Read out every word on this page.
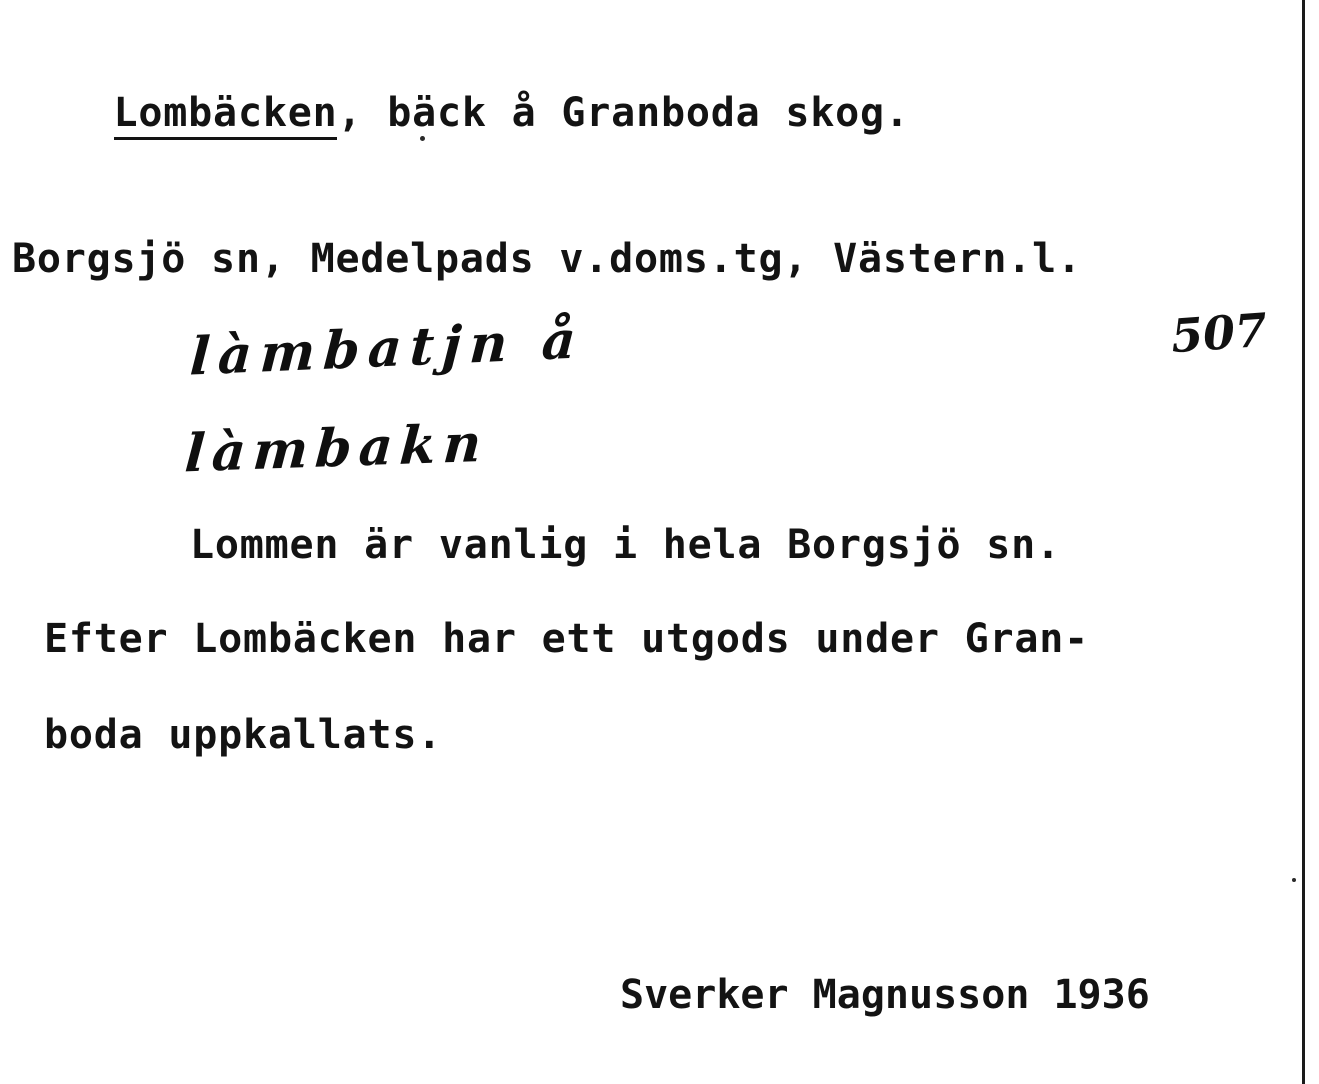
Lombäcken, bäck å Granboda skog.

Borgsjö sn, Medelpads v.doms.tg, Västern.l.
507
làmbatjn å
làmbakn
Lommen är vanlig i hela Borgsjö sn.
Efter Lombäcken har ett utgods under Gran-
boda uppkallats.
Sverker Magnusson 1936
